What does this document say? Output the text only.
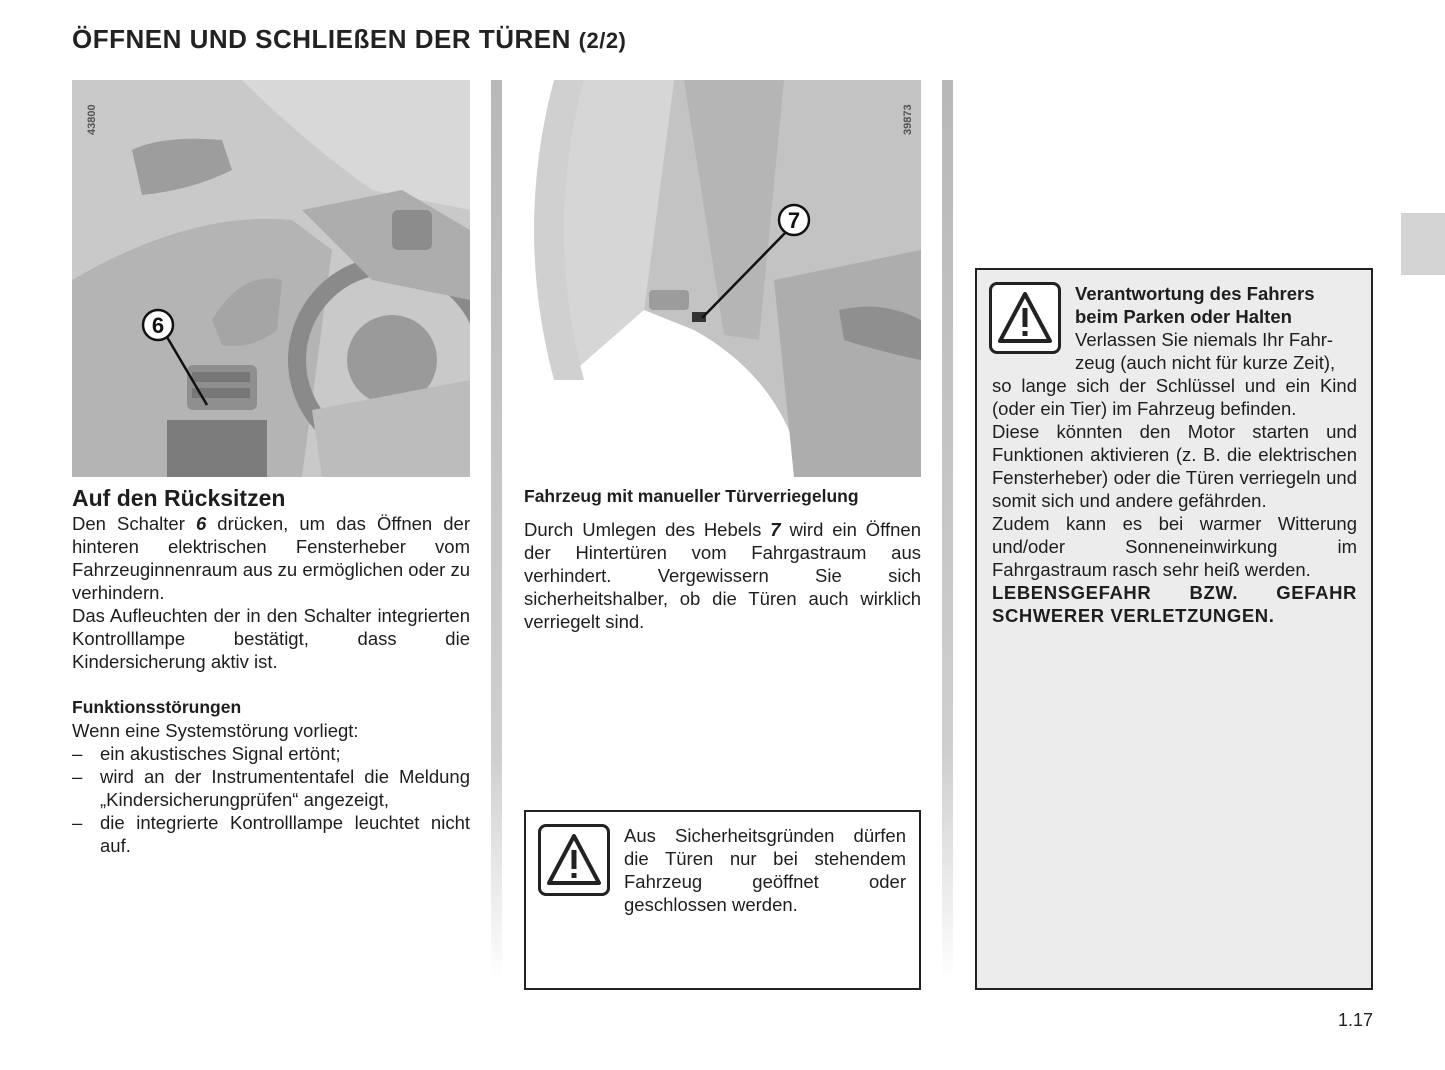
ÖFFNEN UND SCHLIEßEN DER TÜREN (2/2)
6
43800
7
39873
Auf den Rücksitzen

Den Schalter 6 drücken, um das Öffnen der hinteren elektrischen Fensterheber vom Fahrzeuginnenraum aus zu ermöglichen oder zu verhindern.

Das Aufleuchten der in den Schalter integrierten Kontrolllampe bestätigt, dass die Kindersicherung aktiv ist.

Funktionsstörungen

Wenn eine Systemstörung vorliegt:

– ein akustisches Signal ertönt;
– wird an der Instrumententafel die Meldung „Kindersicherungprüfen“ angezeigt,
– die integrierte Kontrolllampe leuchtet nicht auf.
Fahrzeug mit manueller Türverriegelung

Durch Umlegen des Hebels 7 wird ein Öffnen der Hintertüren vom Fahrgastraum aus verhindert. Vergewissern Sie sich sicherheitshalber, ob die Türen auch wirklich verriegelt sind.

Aus Sicherheitsgründen dürfen die Türen nur bei stehendem Fahrzeug geöffnet oder geschlossen werden.
Verantwortung des Fahrers
beim Parken oder Halten
Verlassen Sie niemals Ihr Fahr-
zeug (auch nicht für kurze Zeit),

so lange sich der Schlüssel und ein Kind (oder ein Tier) im Fahrzeug befinden.

Diese könnten den Motor starten und Funktionen aktivieren (z. B. die elektrischen Fensterheber) oder die Türen verriegeln und somit sich und andere gefährden.

Zudem kann es bei warmer Witterung und/oder Sonneneinwirkung im Fahrgastraum rasch sehr heiß werden.

LEBENSGEFAHR BZW. GEFAHR SCHWERER VERLETZUNGEN.

1.17
